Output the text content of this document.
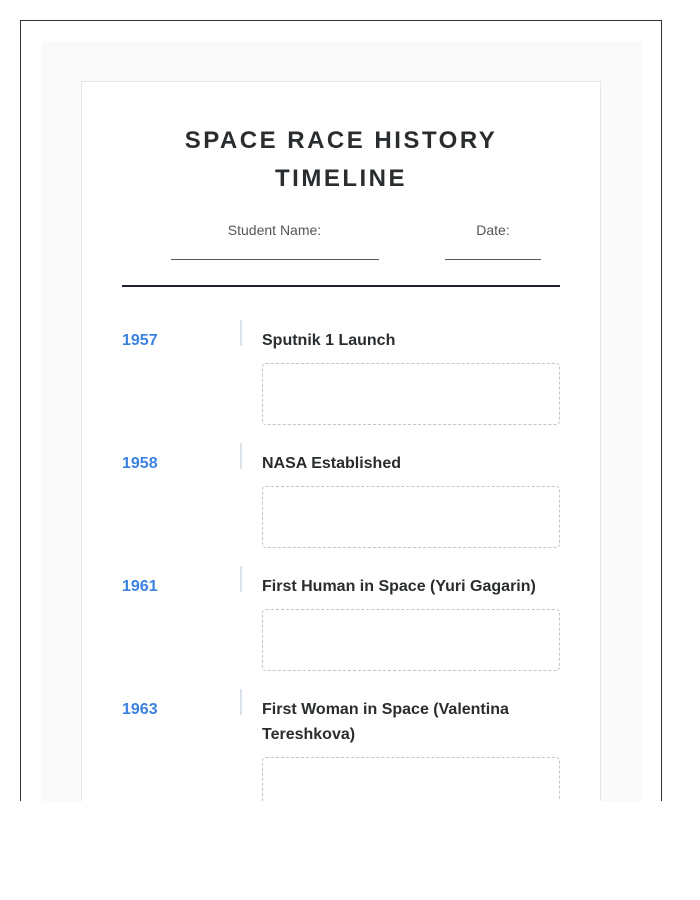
SPACE RACE HISTORY TIMELINE
Student Name:	Date:
1957	Sputnik 1 Launch
1958	NASA Established
1961	First Human in Space (Yuri Gagarin)
1963	First Woman in Space (Valentina Tereshkova)
